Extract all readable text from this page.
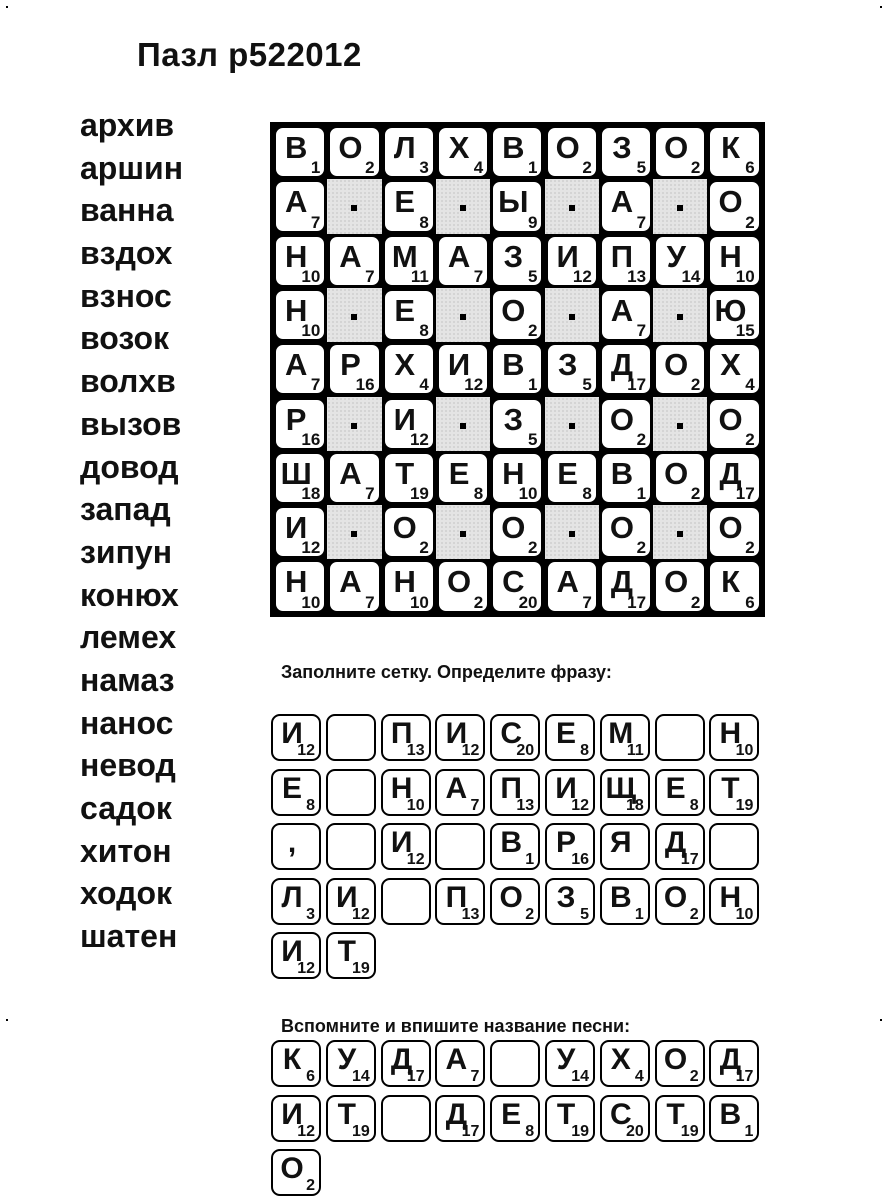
Пазл p522012
архив
аршин
ванна
вздох
взнос
возок
волхв
вызов
довод
запад
зипун
конюх
лемех
намаз
нанос
невод
садок
хитон
ходок
шатен
В
1
О
2
Л
3
Х
4
В
1
О
2
З
5
О
2
К
6
А
7
Е
8
Ы
9
А
7
О
2
Н
10
А
7
М
11
А
7
З
5
И
12
П
13
У
14
Н
10
Н
10
Е
8
О
2
А
7
Ю
15
А
7
Р
16
Х
4
И
12
В
1
З
5
Д
17
О
2
Х
4
Р
16
И
12
З
5
О
2
О
2
Ш
18
А
7
Т
19
Е
8
Н
10
Е
8
В
1
О
2
Д
17
И
12
О
2
О
2
О
2
О
2
Н
10
А
7
Н
10
О
2
С
20
А
7
Д
17
О
2
К
6
Заполните сетку. Определите фразу:
И
12
П
13
И
12
С
20
Е
8
М
11
Н
10
Е
8
Н
10
А
7
П
13
И
12
Щ
18
Е
8
Т
19
,	И
12
В
1
Р
16
Я	Д
17
Л
3
И
12
П
13
О
2
З
5
В
1
О
2
Н
10
И
12
Т
19
Вспомните и впишите название песни:
К
6
У
14
Д
17
А
7
У
14
Х
4
О
2
Д
17
И
12
Т
19
Д
17
Е
8
Т
19
С
20
Т
19
В
1
О
2
